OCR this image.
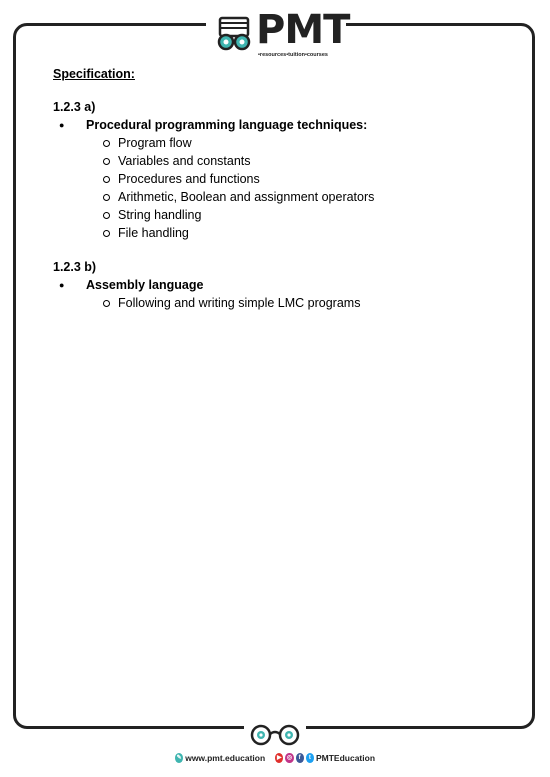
PMT
•resources•tuition•courses

Specification:

1.2.3 a)
● Procedural programming language techniques:
Program flow
Variables and constants
Procedures and functions
Arithmetic, Boolean and assignment operators
String handling
File handling
1.2.3 b)
● Assembly language
Following and writing simple LMC programs
✎ www.pmt.education ▶ ◎	f	t PMTEducation
